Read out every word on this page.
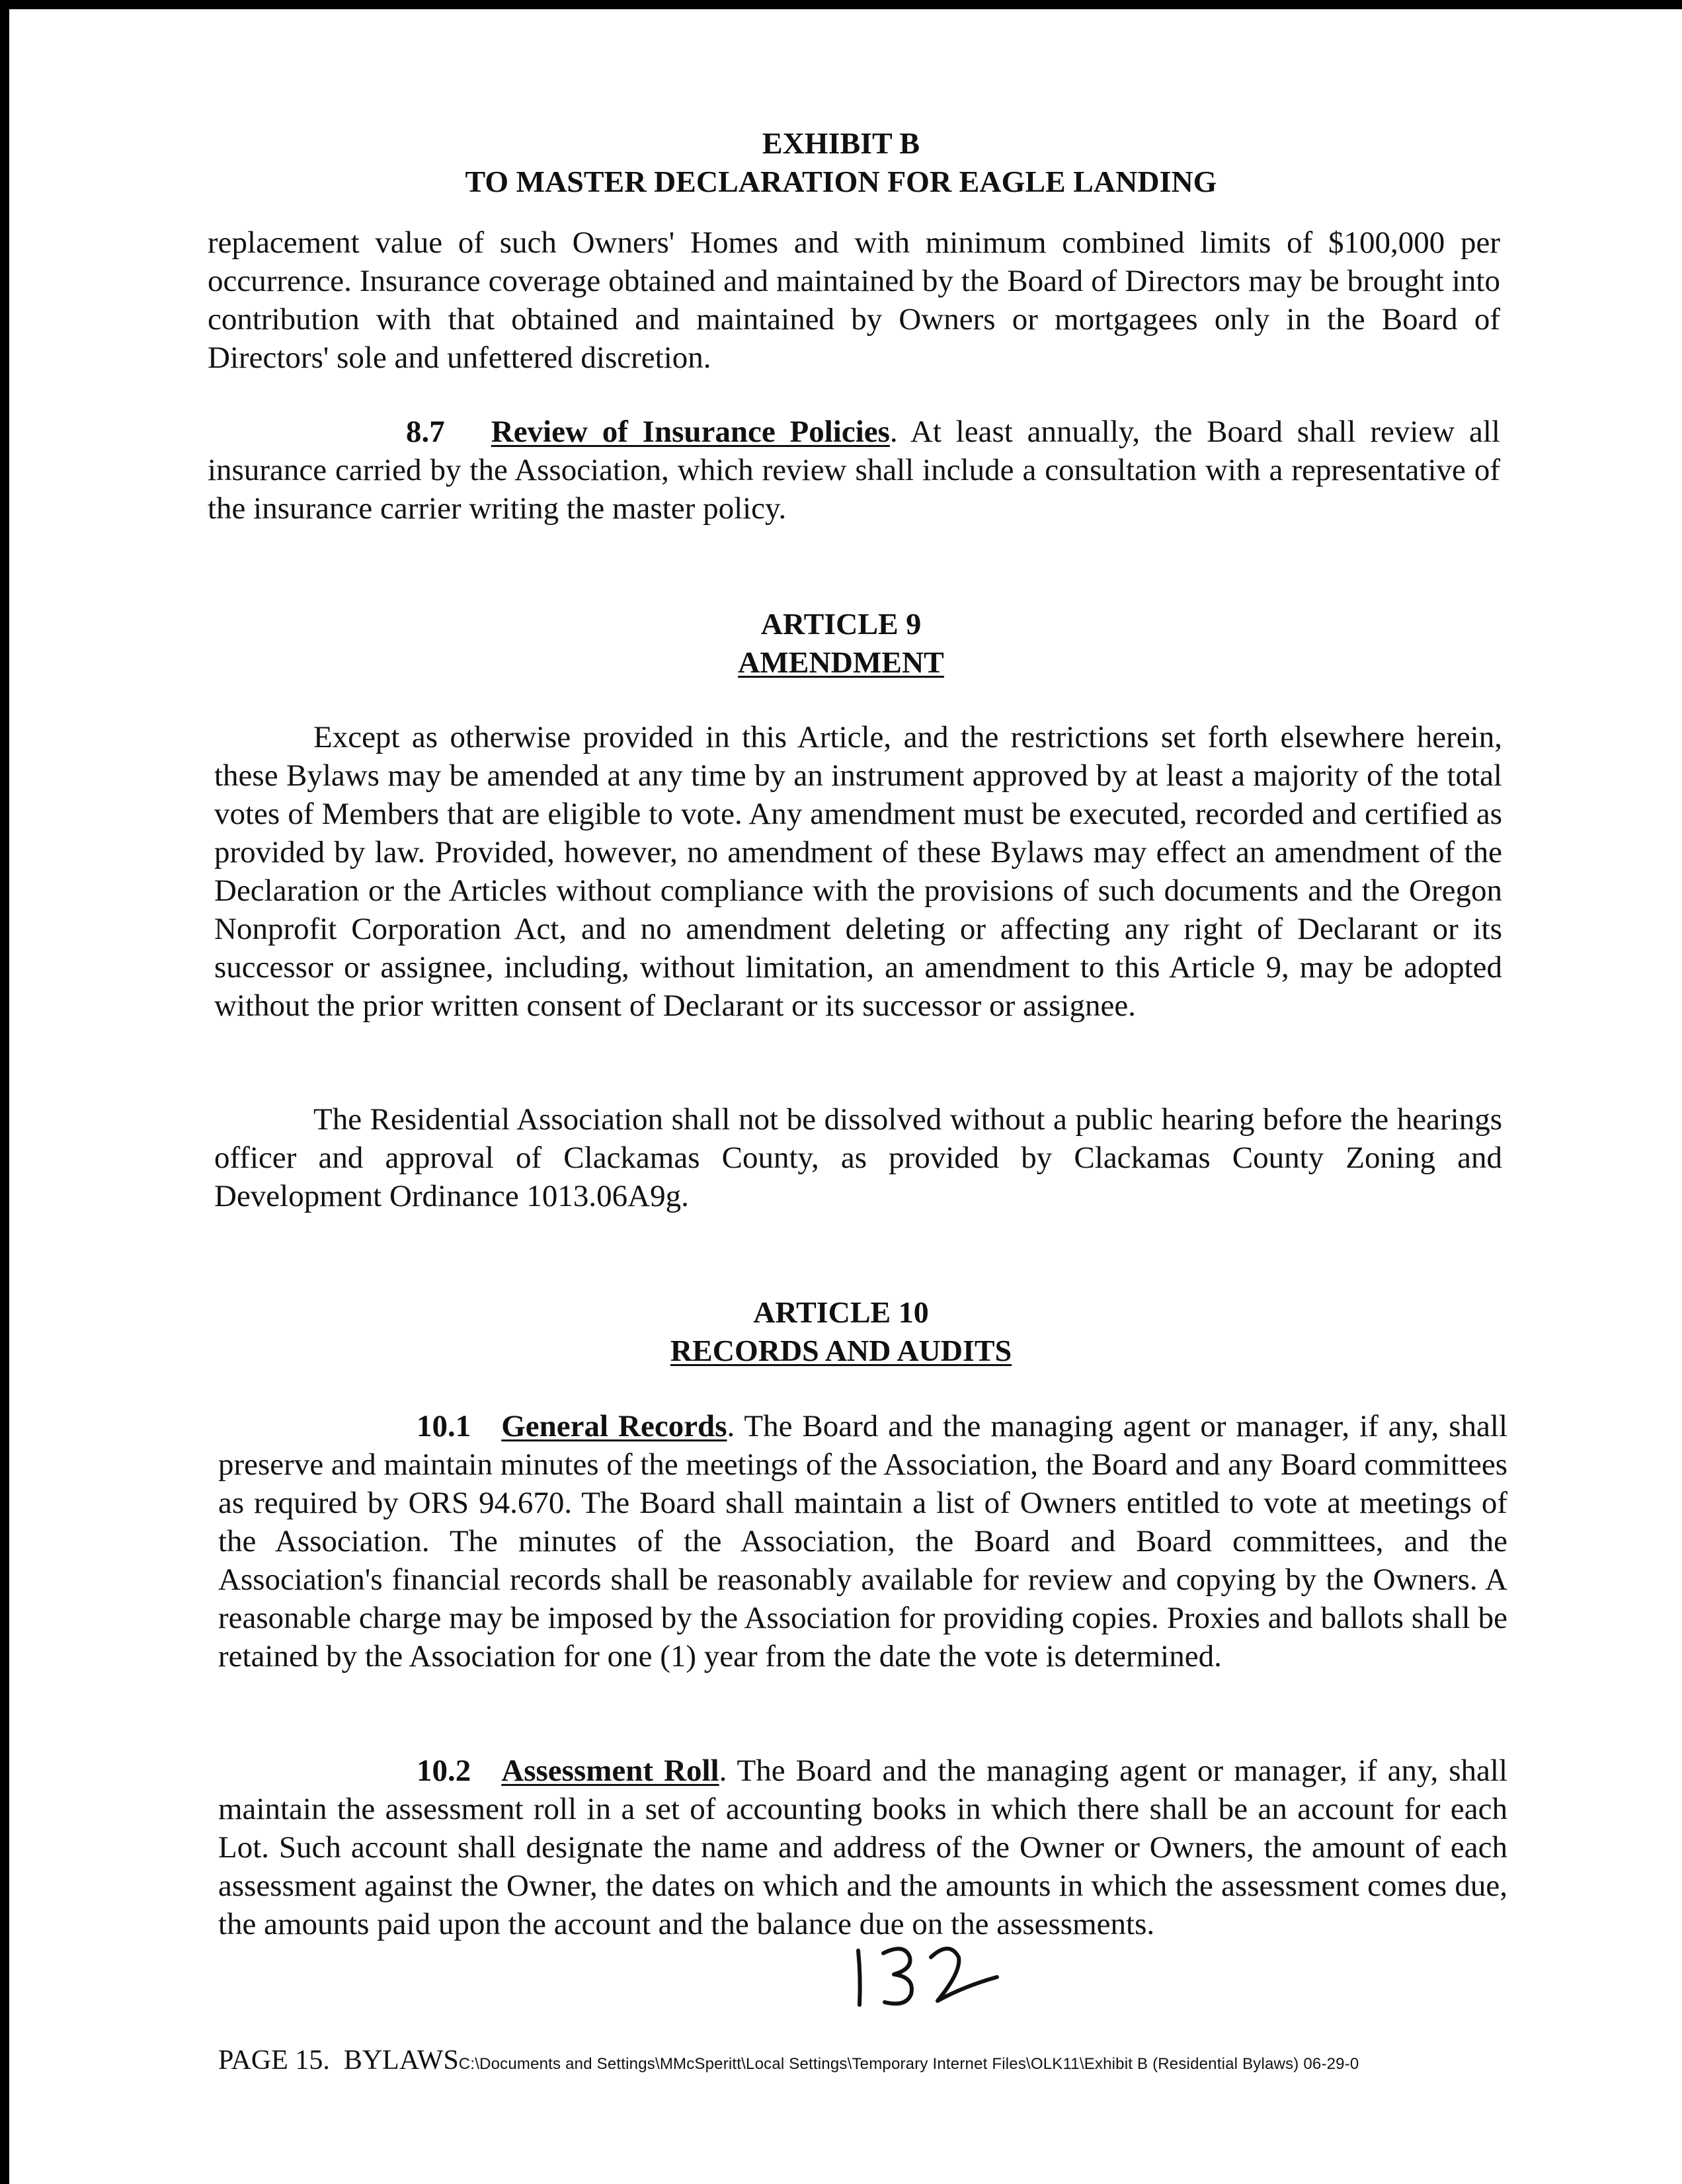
EXHIBIT B
TO MASTER DECLARATION FOR EAGLE LANDING

replacement value of such Owners' Homes and with minimum combined limits of $100,000 per occurrence. Insurance coverage obtained and maintained by the Board of Directors may be brought into contribution with that obtained and maintained by Owners or mortgagees only in the Board of Directors' sole and unfettered discretion.

8.7 Review of Insurance Policies. At least annually, the Board shall review all insurance carried by the Association, which review shall include a consultation with a representative of the insurance carrier writing the master policy.

ARTICLE 9
AMENDMENT

Except as otherwise provided in this Article, and the restrictions set forth elsewhere herein, these Bylaws may be amended at any time by an instrument approved by at least a majority of the total votes of Members that are eligible to vote. Any amendment must be executed, recorded and certified as provided by law. Provided, however, no amendment of these Bylaws may effect an amendment of the Declaration or the Articles without compliance with the provisions of such documents and the Oregon Nonprofit Corporation Act, and no amendment deleting or affecting any right of Declarant or its successor or assignee, including, without limitation, an amendment to this Article 9, may be adopted without the prior written consent of Declarant or its successor or assignee.

The Residential Association shall not be dissolved without a public hearing before the hearings officer and approval of Clackamas County, as provided by Clackamas County Zoning and Development Ordinance 1013.06A9g.

ARTICLE 10
RECORDS AND AUDITS

10.1 General Records. The Board and the managing agent or manager, if any, shall preserve and maintain minutes of the meetings of the Association, the Board and any Board committees as required by ORS 94.670. The Board shall maintain a list of Owners entitled to vote at meetings of the Association. The minutes of the Association, the Board and Board committees, and the Association's financial records shall be reasonably available for review and copying by the Owners. A reasonable charge may be imposed by the Association for providing copies. Proxies and ballots shall be retained by the Association for one (1) year from the date the vote is determined.

10.2 Assessment Roll. The Board and the managing agent or manager, if any, shall maintain the assessment roll in a set of accounting books in which there shall be an account for each Lot. Such account shall designate the name and address of the Owner or Owners, the amount of each assessment against the Owner, the dates on which and the amounts in which the assessment comes due, the amounts paid upon the account and the balance due on the assessments.

PAGE 15. BYLAWSC:\Documents and Settings\MMcSperitt\Local Settings\Temporary Internet Files\OLK11\Exhibit B (Residential Bylaws) 06-29-0
